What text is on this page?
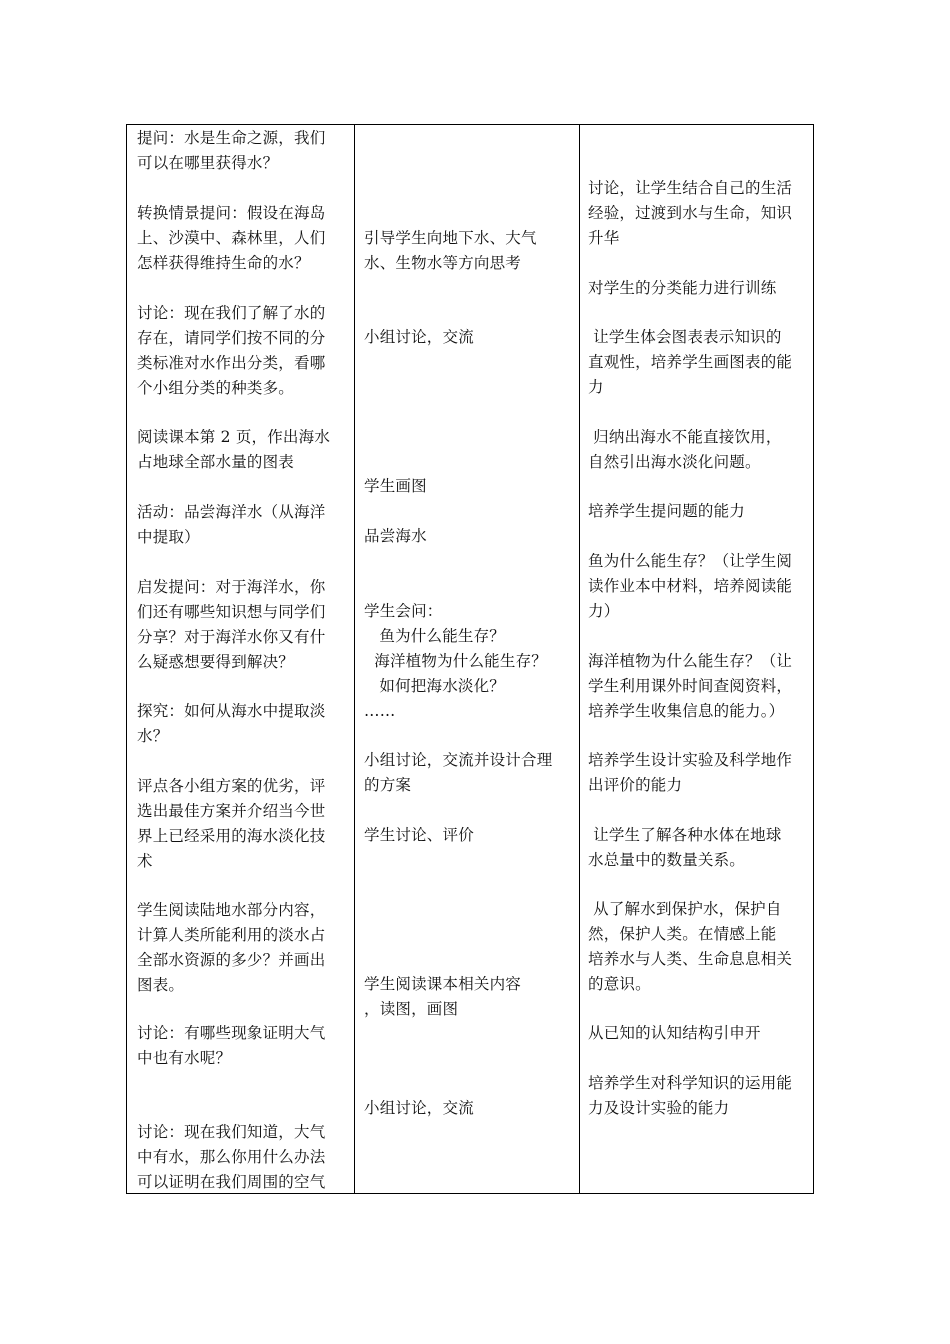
提问：水是生命之源，我们
可以在哪里获得水？

转换情景提问：假设在海岛
上、沙漠中、森林里，人们
怎样获得维持生命的水？

讨论：现在我们了解了水的
存在，请同学们按不同的分
类标准对水作出分类，看哪
个小组分类的种类多。

阅读课本第 2 页，作出海水
占地球全部水量的图表

活动：品尝海洋水（从海洋
中提取）

启发提问：对于海洋水，你
们还有哪些知识想与同学们
分享？对于海洋水你又有什
么疑惑想要得到解决？

探究：如何从海水中提取淡
水？

评点各小组方案的优劣，评
选出最佳方案并介绍当今世
界上已经采用的海水淡化技
术

学生阅读陆地水部分内容，
计算人类所能利用的淡水占
全部水资源的多少？并画出
图表。

讨论：有哪些现象证明大气
中也有水呢？

讨论：现在我们知道，大气
中有水，那么你用什么办法
可以证明在我们周围的空气

引导学生向地下水、大气
水、生物水等方向思考

小组讨论，交流

学生画图

品尝海水

学生会问：
鱼为什么能生存？
海洋植物为什么能生存？
如何把海水淡化？
……

小组讨论，交流并设计合理
的方案

学生讨论、评价

学生阅读课本相关内容
，读图，画图

小组讨论，交流

讨论，让学生结合自己的生活
经验，过渡到水与生命，知识
升华

对学生的分类能力进行训练

让学生体会图表表示知识的
直观性，培养学生画图表的能
力

归纳出海水不能直接饮用，
自然引出海水淡化问题。

培养学生提问题的能力

鱼为什么能生存？（让学生阅
读作业本中材料，培养阅读能
力）

海洋植物为什么能生存？（让
学生利用课外时间查阅资料，
培养学生收集信息的能力。）

培养学生设计实验及科学地作
出评价的能力

让学生了解各种水体在地球
水总量中的数量关系。

从了解水到保护水，保护自
然，保护人类。在情感上能
培养水与人类、生命息息相关
的意识。

从已知的认知结构引申开

培养学生对科学知识的运用能
力及设计实验的能力
